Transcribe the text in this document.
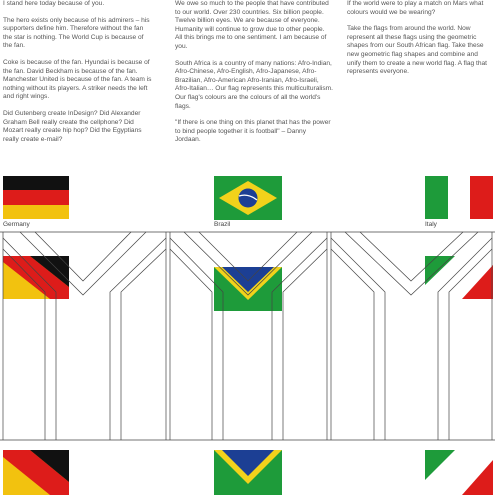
I stand here today because of you.

The hero exists only because of his admirers – his supporters define him. Therefore without the fan the star is nothing. The World Cup is because of the fan.

Coke is because of the fan. Hyundai is because of the fan. David Beckham is because of the fan. Manchester United is because of the fan. A team is nothing without its players. A striker needs the left and right wings.

Did Gutenberg create InDesign? Did Alexander Graham Bell really create the cellphone? Did Mozart really create hip hop? Did the Egyptians really create e-mail?

We owe so much to the people that have contributed to our world. Over 230 countries. Six billion people. Twelve billion eyes. We are because of everyone. Humanity will continue to grow due to other people. All this brings me to one sentiment. I am because of you.

South Africa is a country of many nations: Afro-Indian, Afro-Chinese, Afro-English, Afro-Japanese, Afro-Brazilian, Afro-American Afro-Iranian, Afro-Israeli, Afro-Italian… Our flag represents this multiculturalism. Our flag's colours are the colours of all the world's flags.

"If there is one thing on this planet that has the power to bind people together it is football" – Danny Jordaan.

If the world were to play a match on Mars what colours would we be wearing?

Take the flags from around the world. Now represent all these flags using the geometric shapes from our South African flag. Take these new geometric flag shapes and combine and unify them to create a new world flag. A flag that represents everyone.

Germany	Brazil	Italy
